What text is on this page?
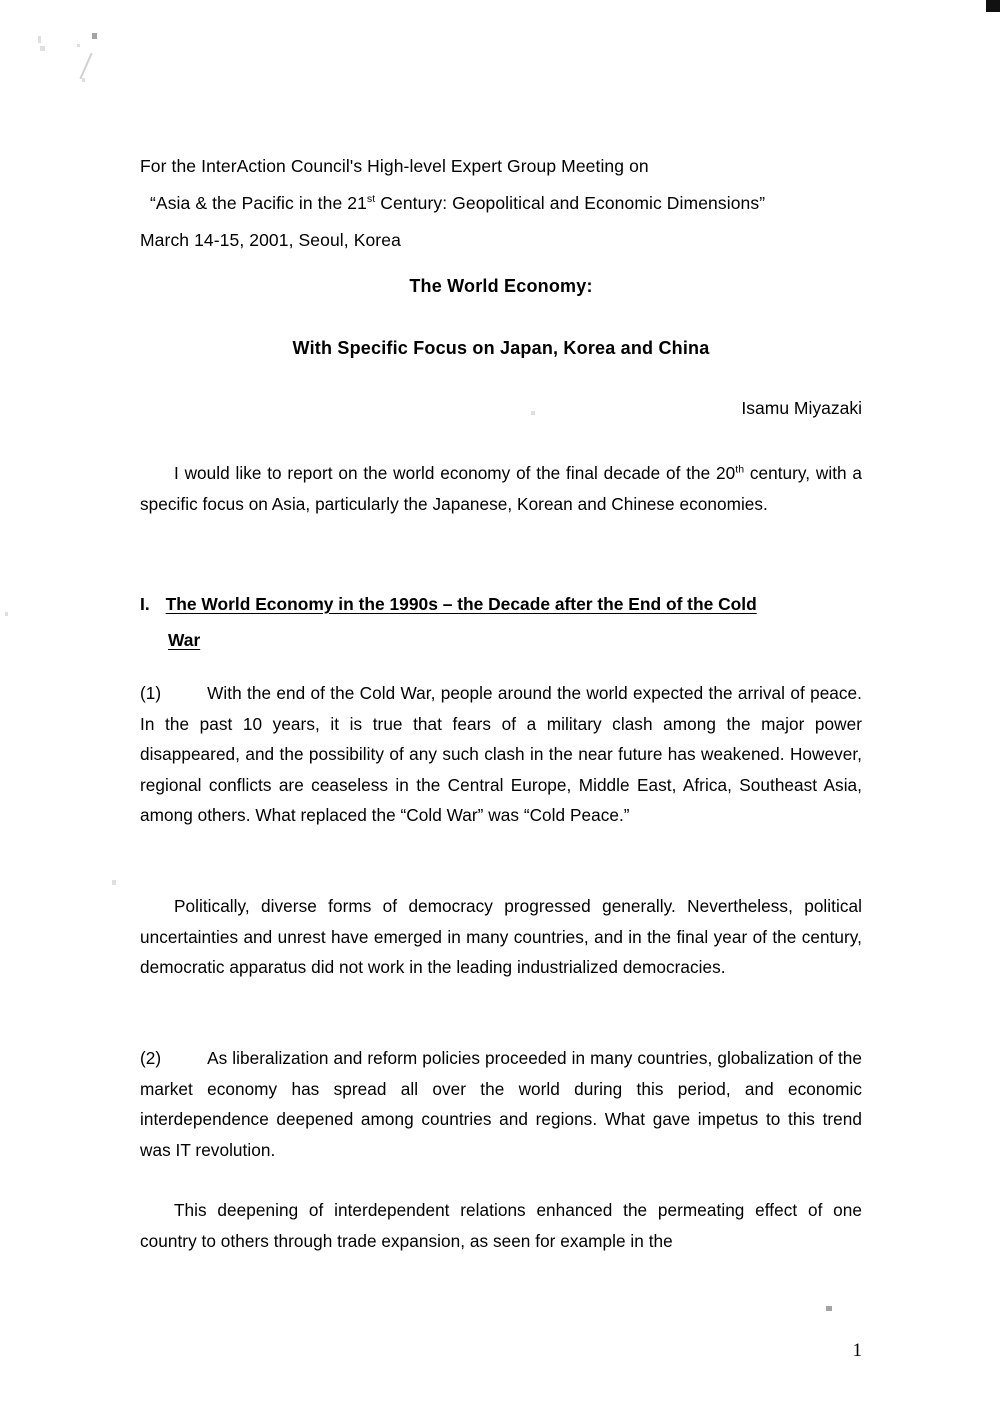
For the InterAction Council's High-level Expert Group Meeting on
“Asia & the Pacific in the 21st Century: Geopolitical and Economic Dimensions”
March 14-15, 2001, Seoul, Korea
The World Economy:
With Specific Focus on Japan, Korea and China
Isamu Miyazaki
I would like to report on the world economy of the final decade of the 20th century, with a specific focus on Asia, particularly the Japanese, Korean and Chinese economies.
I. The World Economy in the 1990s – the Decade after the End of the Cold
War
(1)	With the end of the Cold War, people around the world expected the arrival of peace. In the past 10 years, it is true that fears of a military clash among the major power disappeared, and the possibility of any such clash in the near future has weakened. However, regional conflicts are ceaseless in the Central Europe, Middle East, Africa, Southeast Asia, among others. What replaced the “Cold War” was “Cold Peace.”
Politically, diverse forms of democracy progressed generally. Nevertheless, political uncertainties and unrest have emerged in many countries, and in the final year of the century, democratic apparatus did not work in the leading industrialized democracies.
(2)	As liberalization and reform policies proceeded in many countries, globalization of the market economy has spread all over the world during this period, and economic interdependence deepened among countries and regions. What gave impetus to this trend was IT revolution.
This deepening of interdependent relations enhanced the permeating effect of one country to others through trade expansion, as seen for example in the
1
